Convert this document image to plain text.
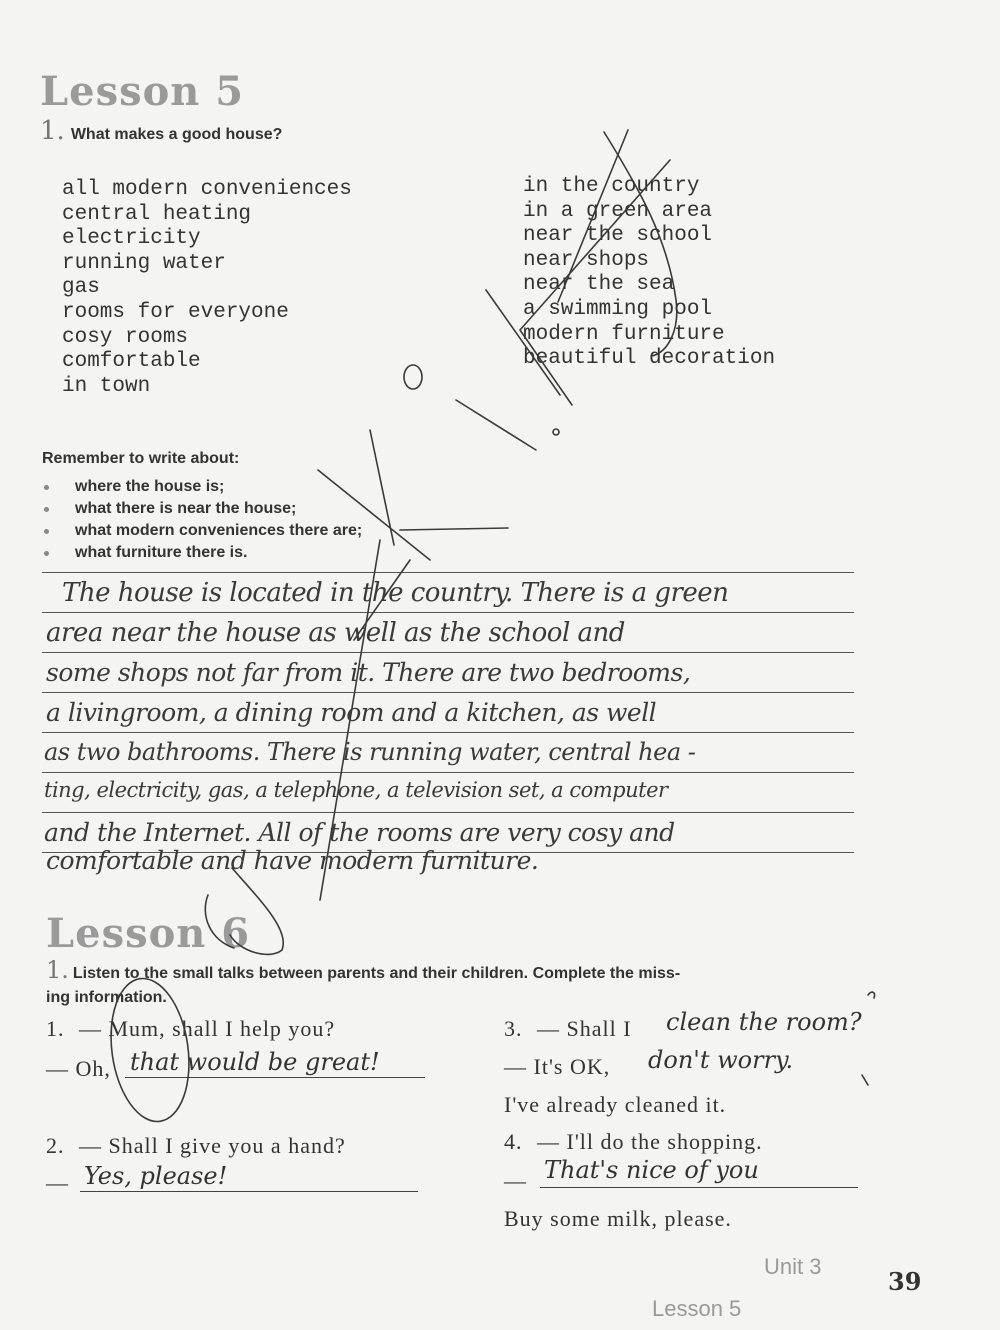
Lesson 5
1. What makes a good house?
all modern conveniences
central heating
electricity
running water
gas
rooms for everyone
cosy rooms
comfortable
in town
in the country
in a green area
near the school
near shops
near the sea
a swimming pool
modern furniture
beautiful decoration
Remember to write about:
where the house is;
what there is near the house;
what modern conveniences there are;
what furniture there is.
The house is located in the country. There is a green
area near the house as well as the school and
some shops not far from it. There are two bedrooms,
a livingroom, a dining room and a kitchen, as well
as two bathrooms. There is running water, central hea -
ting, electricity, gas, a telephone, a television set, a computer
and the Internet. All of the rooms are very cosy and
comfortable and have modern furniture.
Lesson 6
1. Listen to the small talks between parents and their children. Complete the miss-
ing information.
1. — Mum, shall I help you?
— Oh, that would be great!
2. — Shall I give you a hand?
— Yes, please!
3. — Shall I clean the room?
— It's OK, don't worry.
I've already cleaned it.
4. — I'll do the shopping.
— That's nice of you
Buy some milk, please.
Unit 3
39
Lesson 5
